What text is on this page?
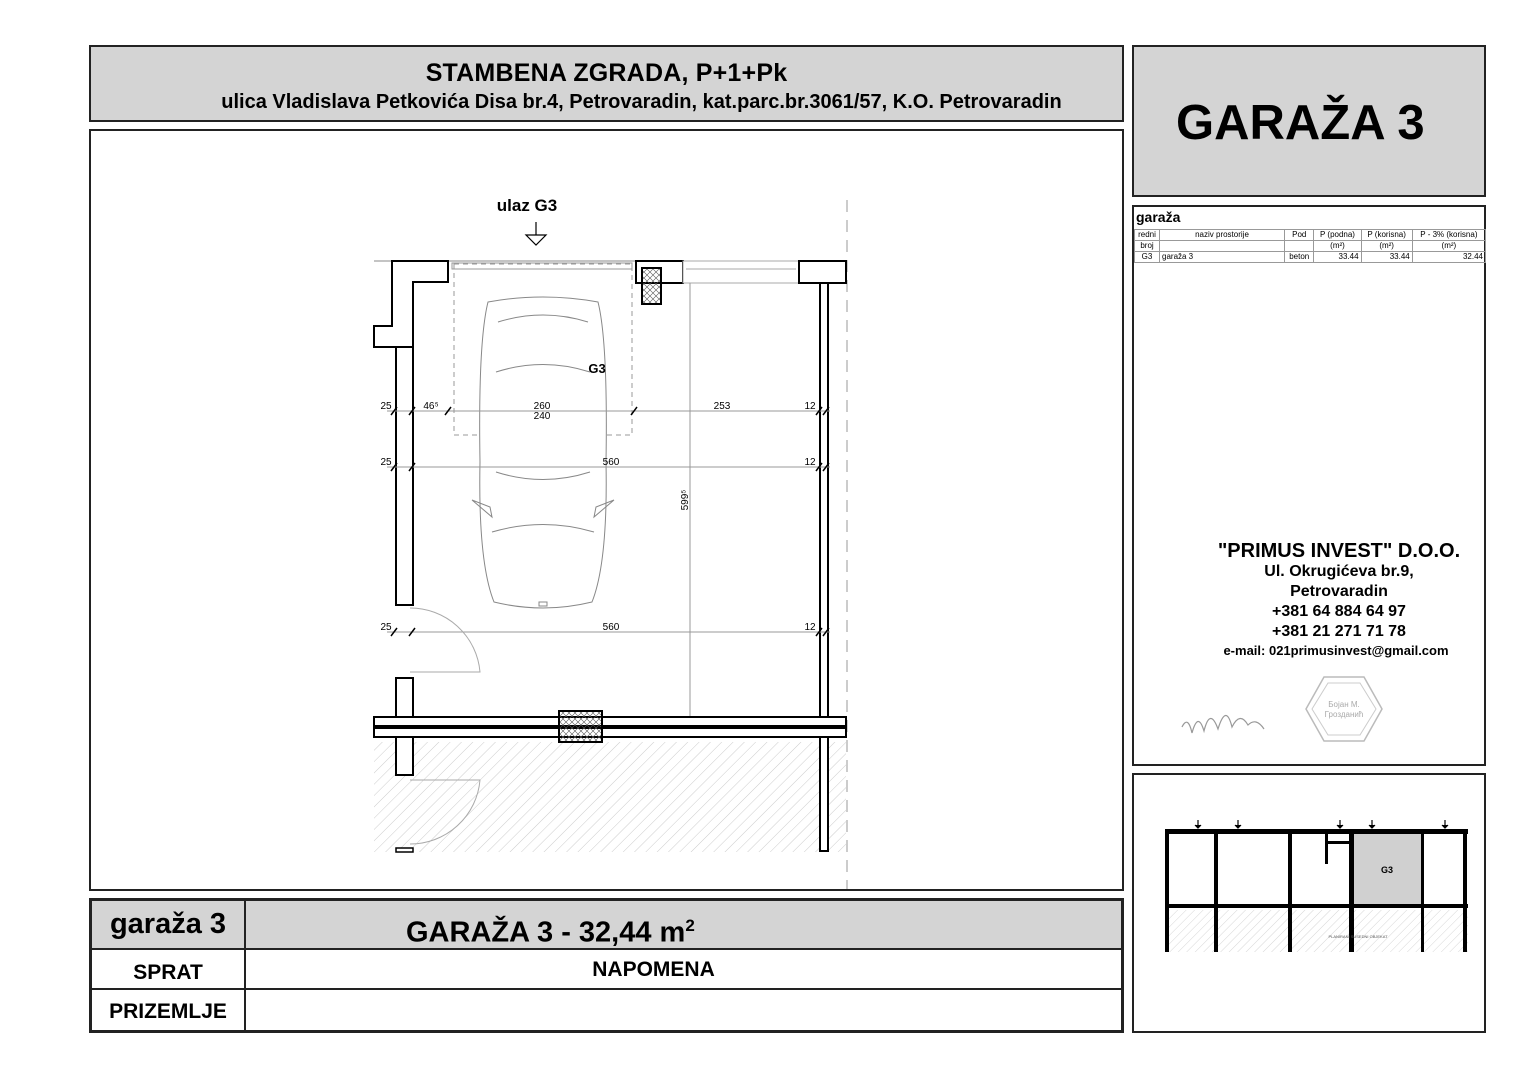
STAMBENA ZGRADA, P+1+Pk
ulica Vladislava Petkovića Disa br.4, Petrovaradin, kat.parc.br.3061/57, K.O. Petrovaradin	GARAŽA 3
ulaz G3
599⁵
G3
25	46⁵	260
240
253	12
25	560	12
25	560	12
garaža
redni	naziv prostorije	Pod	P (podna)	P (korisna)	P - 3% (korisna)
broj			(m²)	(m²)	(m²)
G3	garaža 3	beton	33.44	33.44	32.44
"PRIMUS INVEST" D.O.O.
Ul. Okrugićeva br.9,
Petrovaradin
+381 64 884 64 97
+381 21 271 71 78
e-mail: 021primusinvest@gmail.com
Бојан М.
Грозданић
G3
PLANIRANI SUSEDNI OBJEKAT
garaža 3	GARAŽA 3 - 32,44 $m^2$
SPRAT	NAPOMENA
PRIZEMLJE
